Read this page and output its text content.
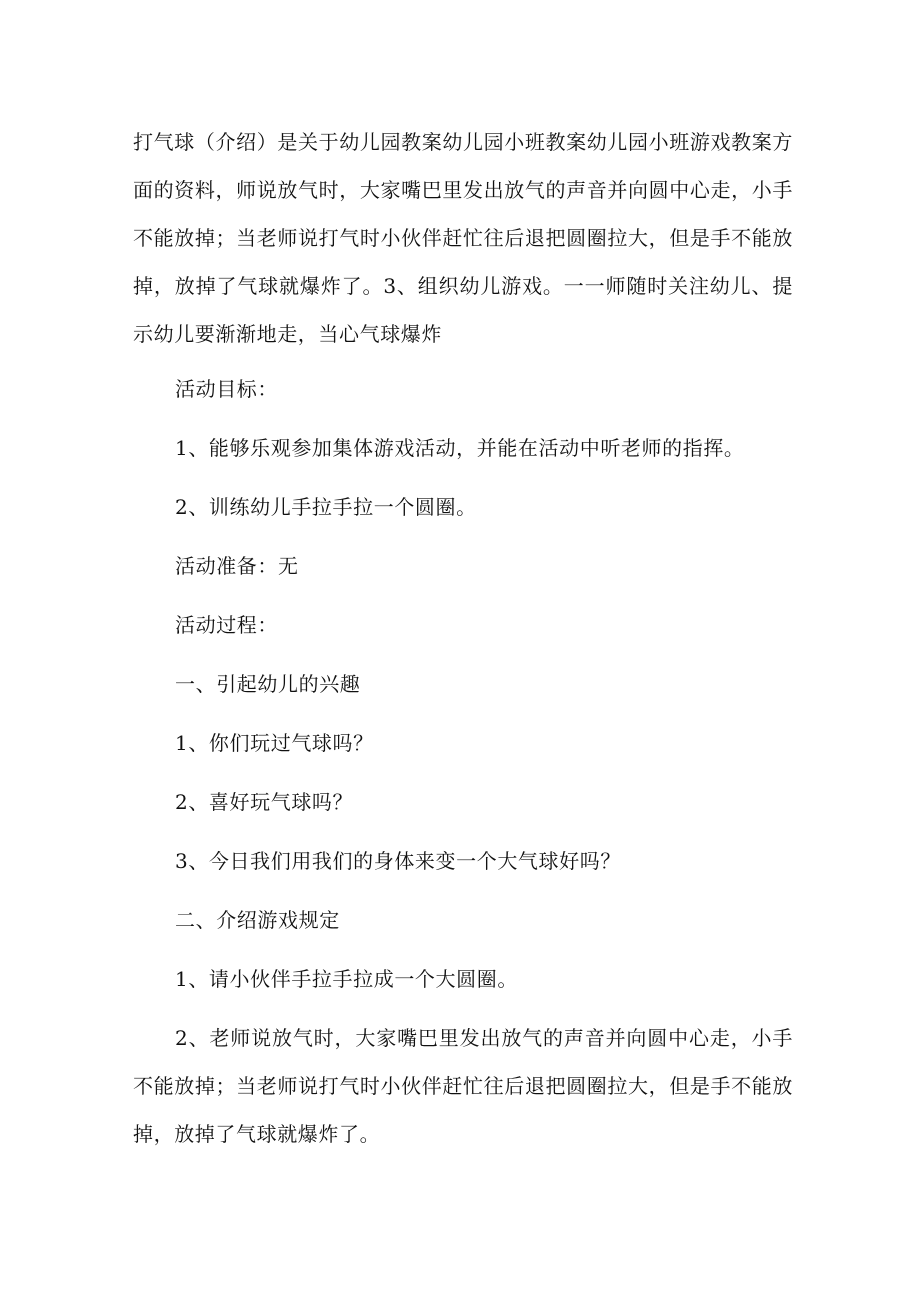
打气球（介绍）是关于幼儿园教案幼儿园小班教案幼儿园小班游戏教案方面的资料，师说放气时，大家嘴巴里发出放气的声音并向圆中心走，小手不能放掉；当老师说打气时小伙伴赶忙往后退把圆圈拉大，但是手不能放掉，放掉了气球就爆炸了。3、组织幼儿游戏。一一师随时关注幼儿、提示幼儿要渐渐地走，当心气球爆炸

活动目标：

1、能够乐观参加集体游戏活动，并能在活动中听老师的指挥。

2、训练幼儿手拉手拉一个圆圈。

活动准备：无

活动过程：

一、引起幼儿的兴趣

1、你们玩过气球吗？

2、喜好玩气球吗？

3、今日我们用我们的身体来变一个大气球好吗？

二、介绍游戏规定

1、请小伙伴手拉手拉成一个大圆圈。

2、老师说放气时，大家嘴巴里发出放气的声音并向圆中心走，小手不能放掉；当老师说打气时小伙伴赶忙往后退把圆圈拉大，但是手不能放掉，放掉了气球就爆炸了。
